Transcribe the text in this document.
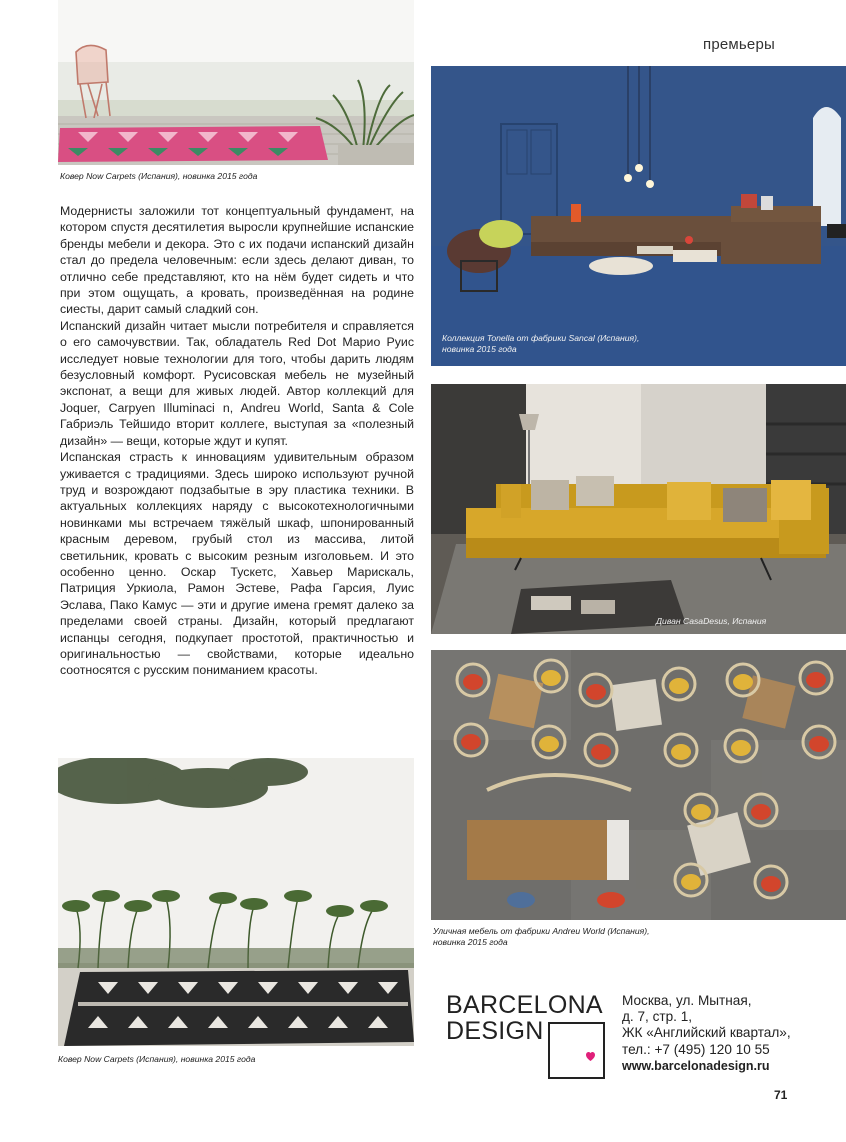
премьеры
Ковер Now Carpets (Испания), новинка 2015 года

Модернисты заложили тот концептуальный фундамент, на котором спустя десятилетия выросли крупнейшие испанские бренды мебели и декора. Это с их подачи испанский дизайн стал до предела человечным: если здесь делают диван, то отлично себе представляют, кто на нём будет сидеть и что при этом ощущать, а кровать, произведённая на родине сиесты, дарит самый сладкий сон.

Испанский дизайн читает мысли потребителя и справляется о его самочувствии. Так, обладатель Red Dot Марио Руис исследует новые технологии для того, чтобы дарить людям безусловный комфорт. Русисовская мебель не музейный экспонат, а вещи для живых людей. Автор коллекций для Joquer, Carpyen Illuminaci n, Andreu World, Santa & Cole Габриэль Тейшидо вторит коллеге, выступая за «полезный дизайн» — вещи, которые ждут и купят.

Испанская страсть к инновациям удивительным образом уживается с традициями. Здесь широко используют ручной труд и возрождают подзабытые в эру пластика техники. В актуальных коллекциях наряду с высокотехнологичными новинками мы встречаем тяжёлый шкаф, шпонированный красным деревом, грубый стол из массива, литой светильник, кровать с высоким резным изголовьем. И это особенно ценно. Оскар Тускетс, Хавьер Марискаль, Патриция Уркиола, Рамон Эстеве, Рафа Гарсия, Луис Эслава, Пако Камус — эти и другие имена гремят далеко за пределами своей страны. Дизайн, который предлагают испанцы сегодня, подкупает простотой, практичностью и оригинальностью — свойствами, которые идеально соотносятся с русским пониманием красоты.

Коллекция Tonella от фабрики Sancal (Испания),
новинка 2015 года
Диван CasaDesus, Испания
Уличная мебель от фабрики Andreu World (Испания),
новинка 2015 года
Ковер Now Carpets (Испания), новинка 2015 года
BARCELONA
DESIGN
Москва, ул. Мытная,
д. 7, стр. 1,
ЖК «Английский квартал»,
тел.: +7 (495) 120 10 55
www.barcelonadesign.ru
71
